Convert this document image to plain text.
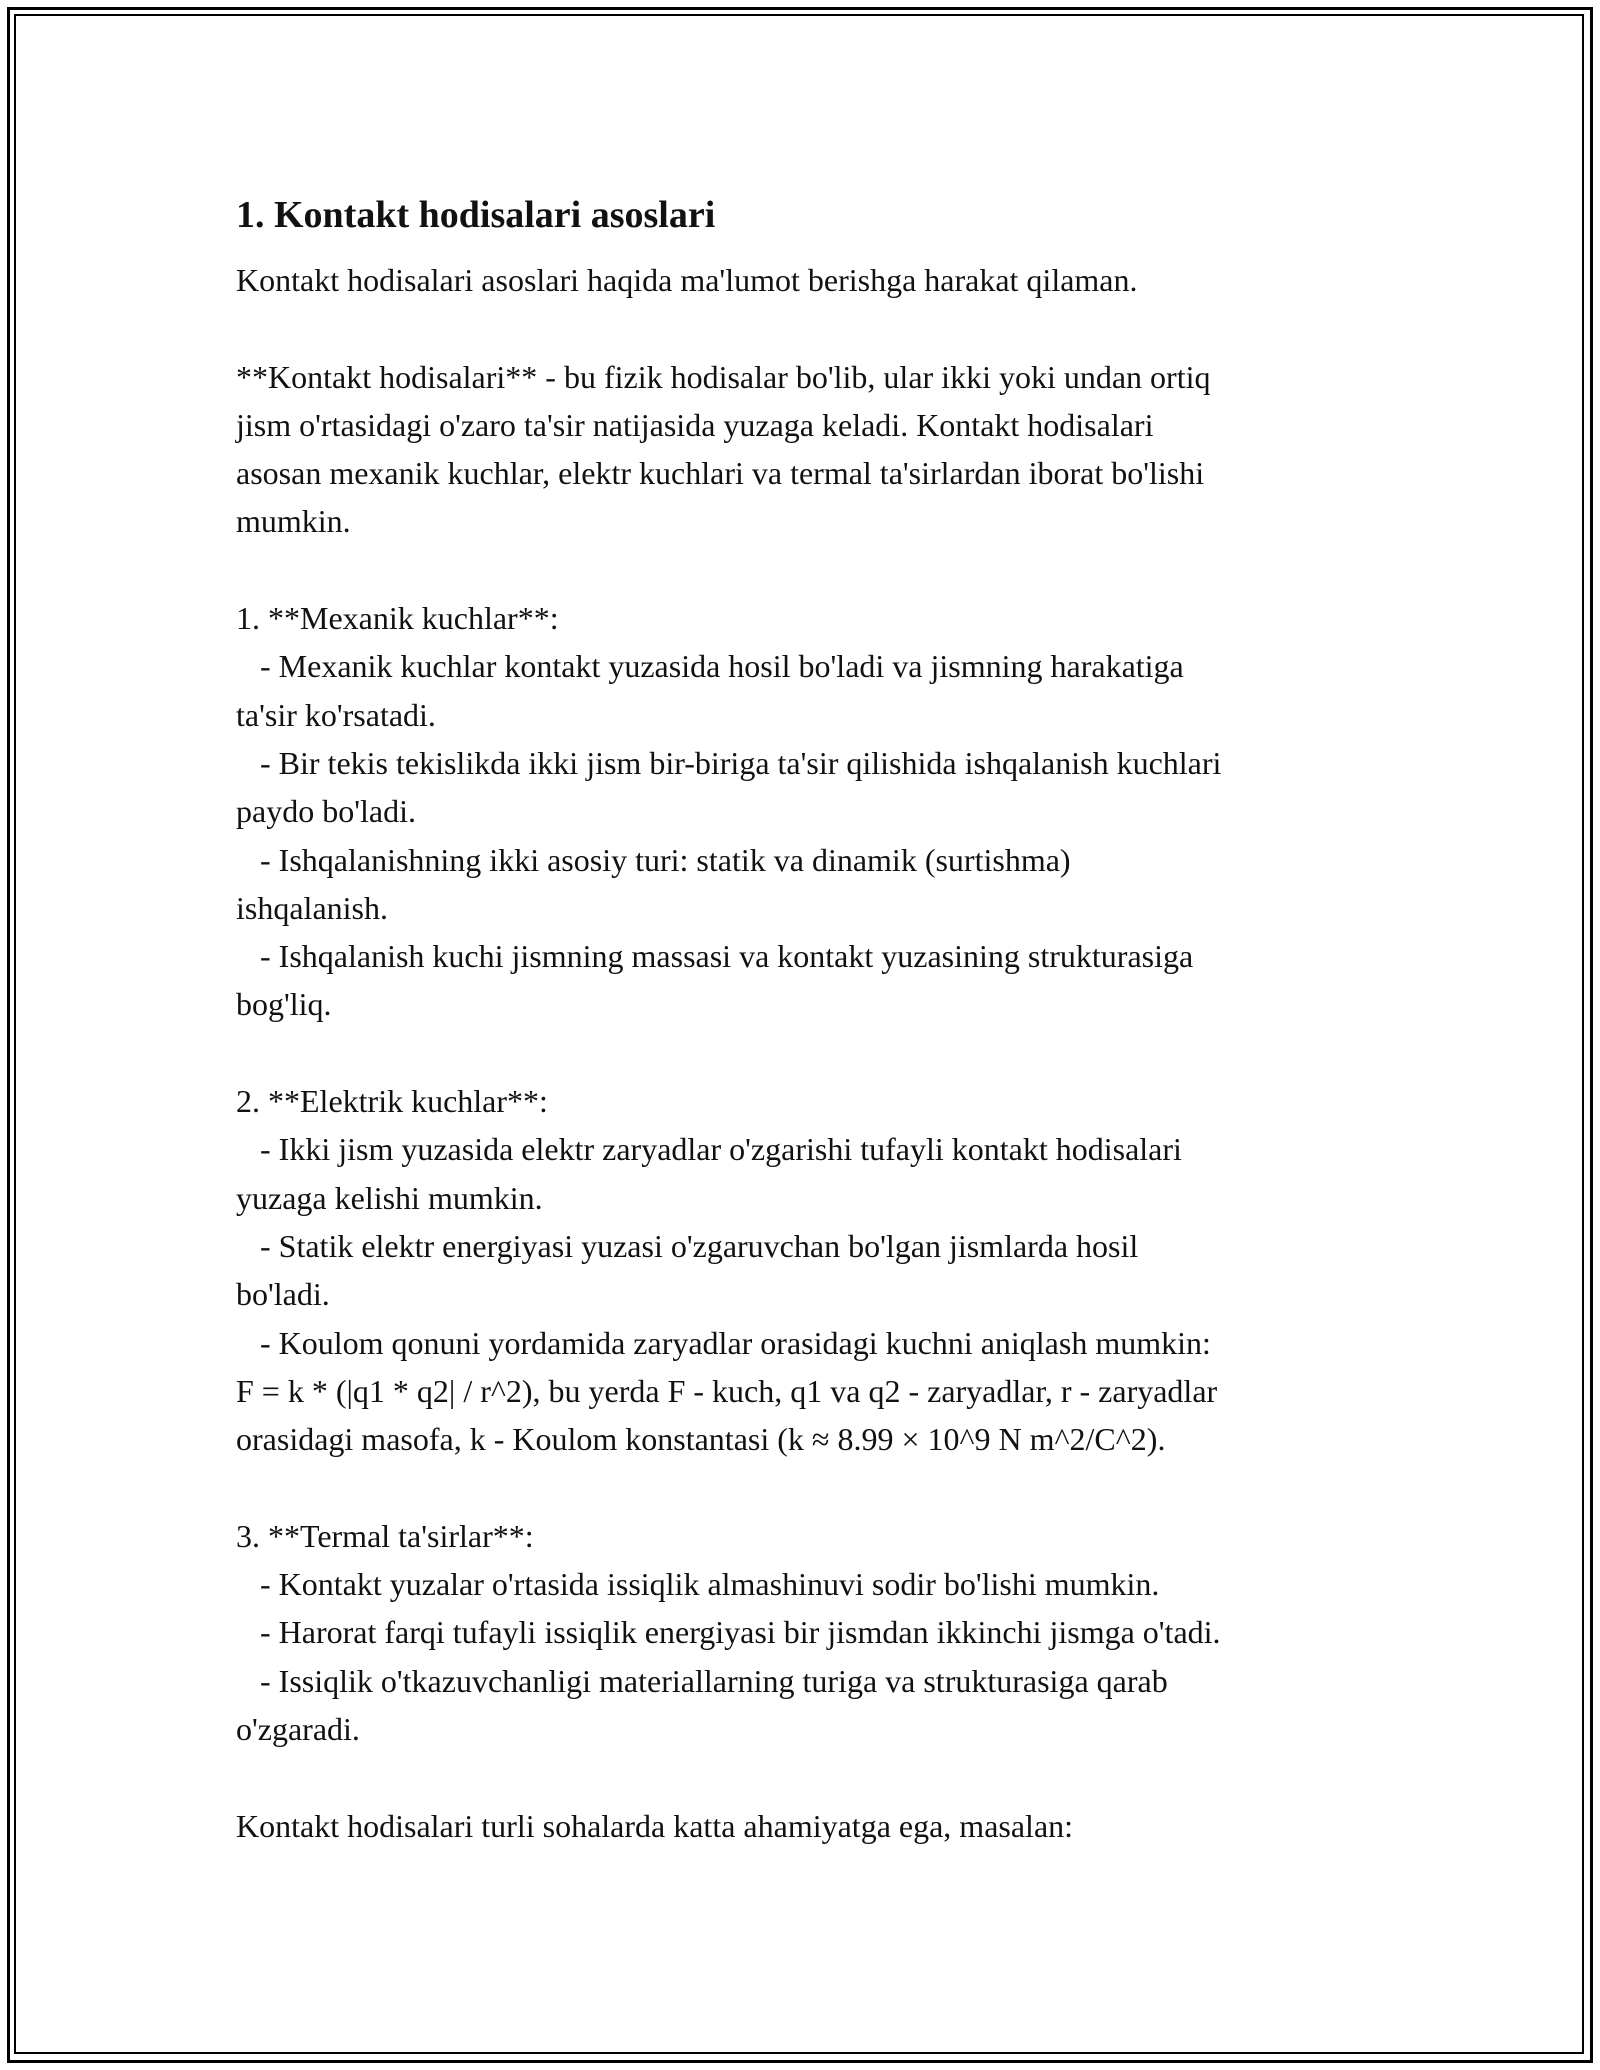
1. Kontakt hodisalari asoslari
Kontakt hodisalari asoslari haqida ma'lumot berishga harakat qilaman.
**Kontakt hodisalari** - bu fizik hodisalar bo'lib, ular ikki yoki undan ortiq
jism o'rtasidagi o'zaro ta'sir natijasida yuzaga keladi. Kontakt hodisalari
asosan mexanik kuchlar, elektr kuchlari va termal ta'sirlardan iborat bo'lishi
mumkin.
1. **Mexanik kuchlar**:
- Mexanik kuchlar kontakt yuzasida hosil bo'ladi va jismning harakatiga
ta'sir ko'rsatadi.
- Bir tekis tekislikda ikki jism bir-biriga ta'sir qilishida ishqalanish kuchlari
paydo bo'ladi.
- Ishqalanishning ikki asosiy turi: statik va dinamik (surtishma)
ishqalanish.
- Ishqalanish kuchi jismning massasi va kontakt yuzasining strukturasiga
bog'liq.
2. **Elektrik kuchlar**:
- Ikki jism yuzasida elektr zaryadlar o'zgarishi tufayli kontakt hodisalari
yuzaga kelishi mumkin.
- Statik elektr energiyasi yuzasi o'zgaruvchan bo'lgan jismlarda hosil
bo'ladi.
- Koulom qonuni yordamida zaryadlar orasidagi kuchni aniqlash mumkin:
F = k * (|q1 * q2| / r^2), bu yerda F - kuch, q1 va q2 - zaryadlar, r - zaryadlar
orasidagi masofa, k - Koulom konstantasi (k ≈ 8.99 × 10^9 N m^2/C^2).
3. **Termal ta'sirlar**:
- Kontakt yuzalar o'rtasida issiqlik almashinuvi sodir bo'lishi mumkin.
- Harorat farqi tufayli issiqlik energiyasi bir jismdan ikkinchi jismga o'tadi.
- Issiqlik o'tkazuvchanligi materiallarning turiga va strukturasiga qarab
o'zgaradi.
Kontakt hodisalari turli sohalarda katta ahamiyatga ega, masalan:
